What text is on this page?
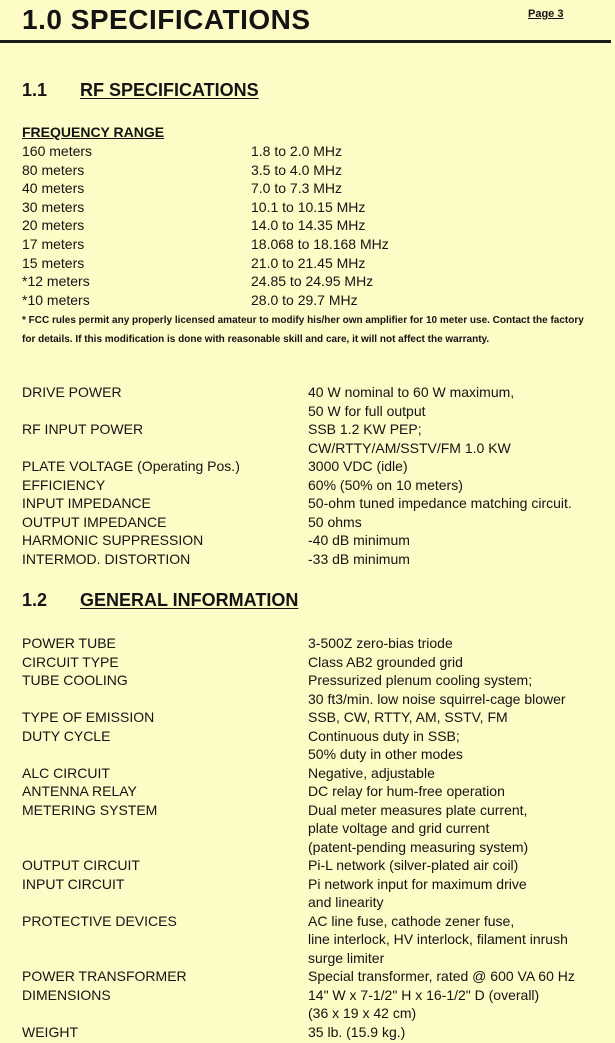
1.0 SPECIFICATIONS	Page 3
1.1 RF SPECIFICATIONS
FREQUENCY RANGE
160 meters	1.8 to 2.0 MHz
80 meters	3.5 to 4.0 MHz
40 meters	7.0 to 7.3 MHz
30 meters	10.1 to 10.15 MHz
20 meters	14.0 to 14.35 MHz
17 meters	18.068 to 18.168 MHz
15 meters	21.0 to 21.45 MHz
*12 meters	24.85 to 24.95 MHz
*10 meters	28.0 to 29.7 MHz
* FCC rules permit any properly licensed amateur to modify his/her own amplifier for 10 meter use. Contact the factory for details. If this modification is done with reasonable skill and care, it will not affect the warranty.
DRIVE POWER	40 W nominal to 60 W maximum,
50 W for full output
RF INPUT POWER	SSB 1.2 KW PEP;
CW/RTTY/AM/SSTV/FM 1.0 KW
PLATE VOLTAGE (Operating Pos.)	3000 VDC (idle)
EFFICIENCY	60% (50% on 10 meters)
INPUT IMPEDANCE	50-ohm tuned impedance matching circuit.
OUTPUT IMPEDANCE	50 ohms
HARMONIC SUPPRESSION	-40 dB minimum
INTERMOD. DISTORTION	-33 dB minimum
1.2 GENERAL INFORMATION
POWER TUBE	3-500Z zero-bias triode
CIRCUIT TYPE	Class AB2 grounded grid
TUBE COOLING	Pressurized plenum cooling system;
30 ft3/min. low noise squirrel-cage blower
TYPE OF EMISSION	SSB, CW, RTTY, AM, SSTV, FM
DUTY CYCLE	Continuous duty in SSB;
50% duty in other modes
ALC CIRCUIT	Negative, adjustable
ANTENNA RELAY	DC relay for hum-free operation
METERING SYSTEM	Dual meter measures plate current,
plate voltage and grid current
(patent-pending measuring system)
OUTPUT CIRCUIT	Pi-L network (silver-plated air coil)
INPUT CIRCUIT	Pi network input for maximum drive
and linearity
PROTECTIVE DEVICES	AC line fuse, cathode zener fuse,
line interlock, HV interlock, filament inrush
surge limiter
POWER TRANSFORMER	Special transformer, rated @ 600 VA 60 Hz
DIMENSIONS	14" W x 7-1/2" H x 16-1/2" D (overall)
(36 x 19 x 42 cm)
WEIGHT	35 lb. (15.9 kg.)
